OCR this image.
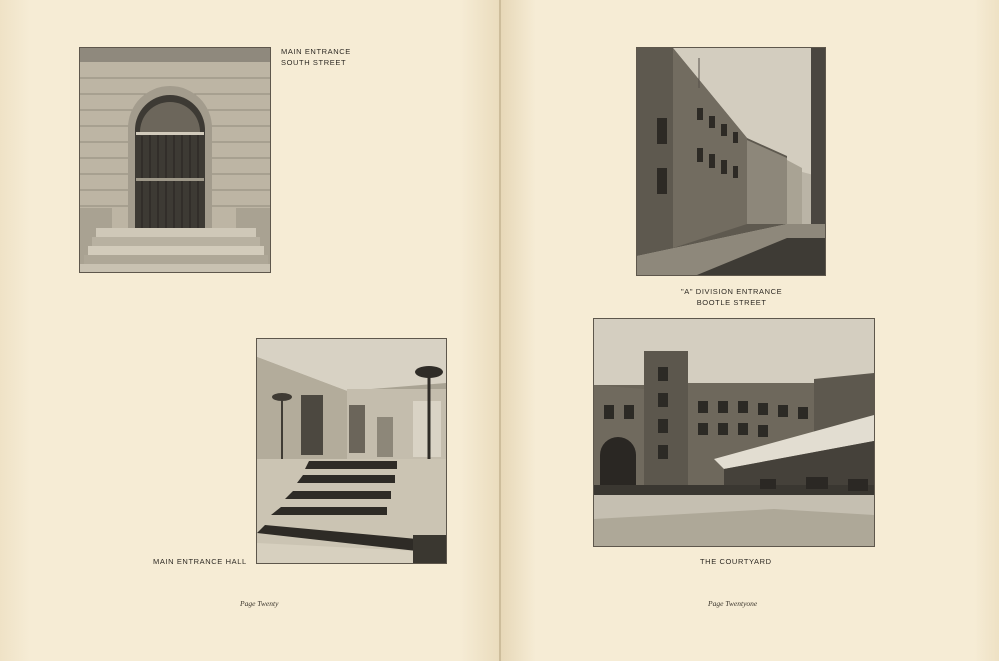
MAIN ENTRANCE
SOUTH STREET
MAIN ENTRANCE HALL
Page Twenty
"A" DIVISION ENTRANCE
BOOTLE STREET
THE COURTYARD
Page Twentyone
